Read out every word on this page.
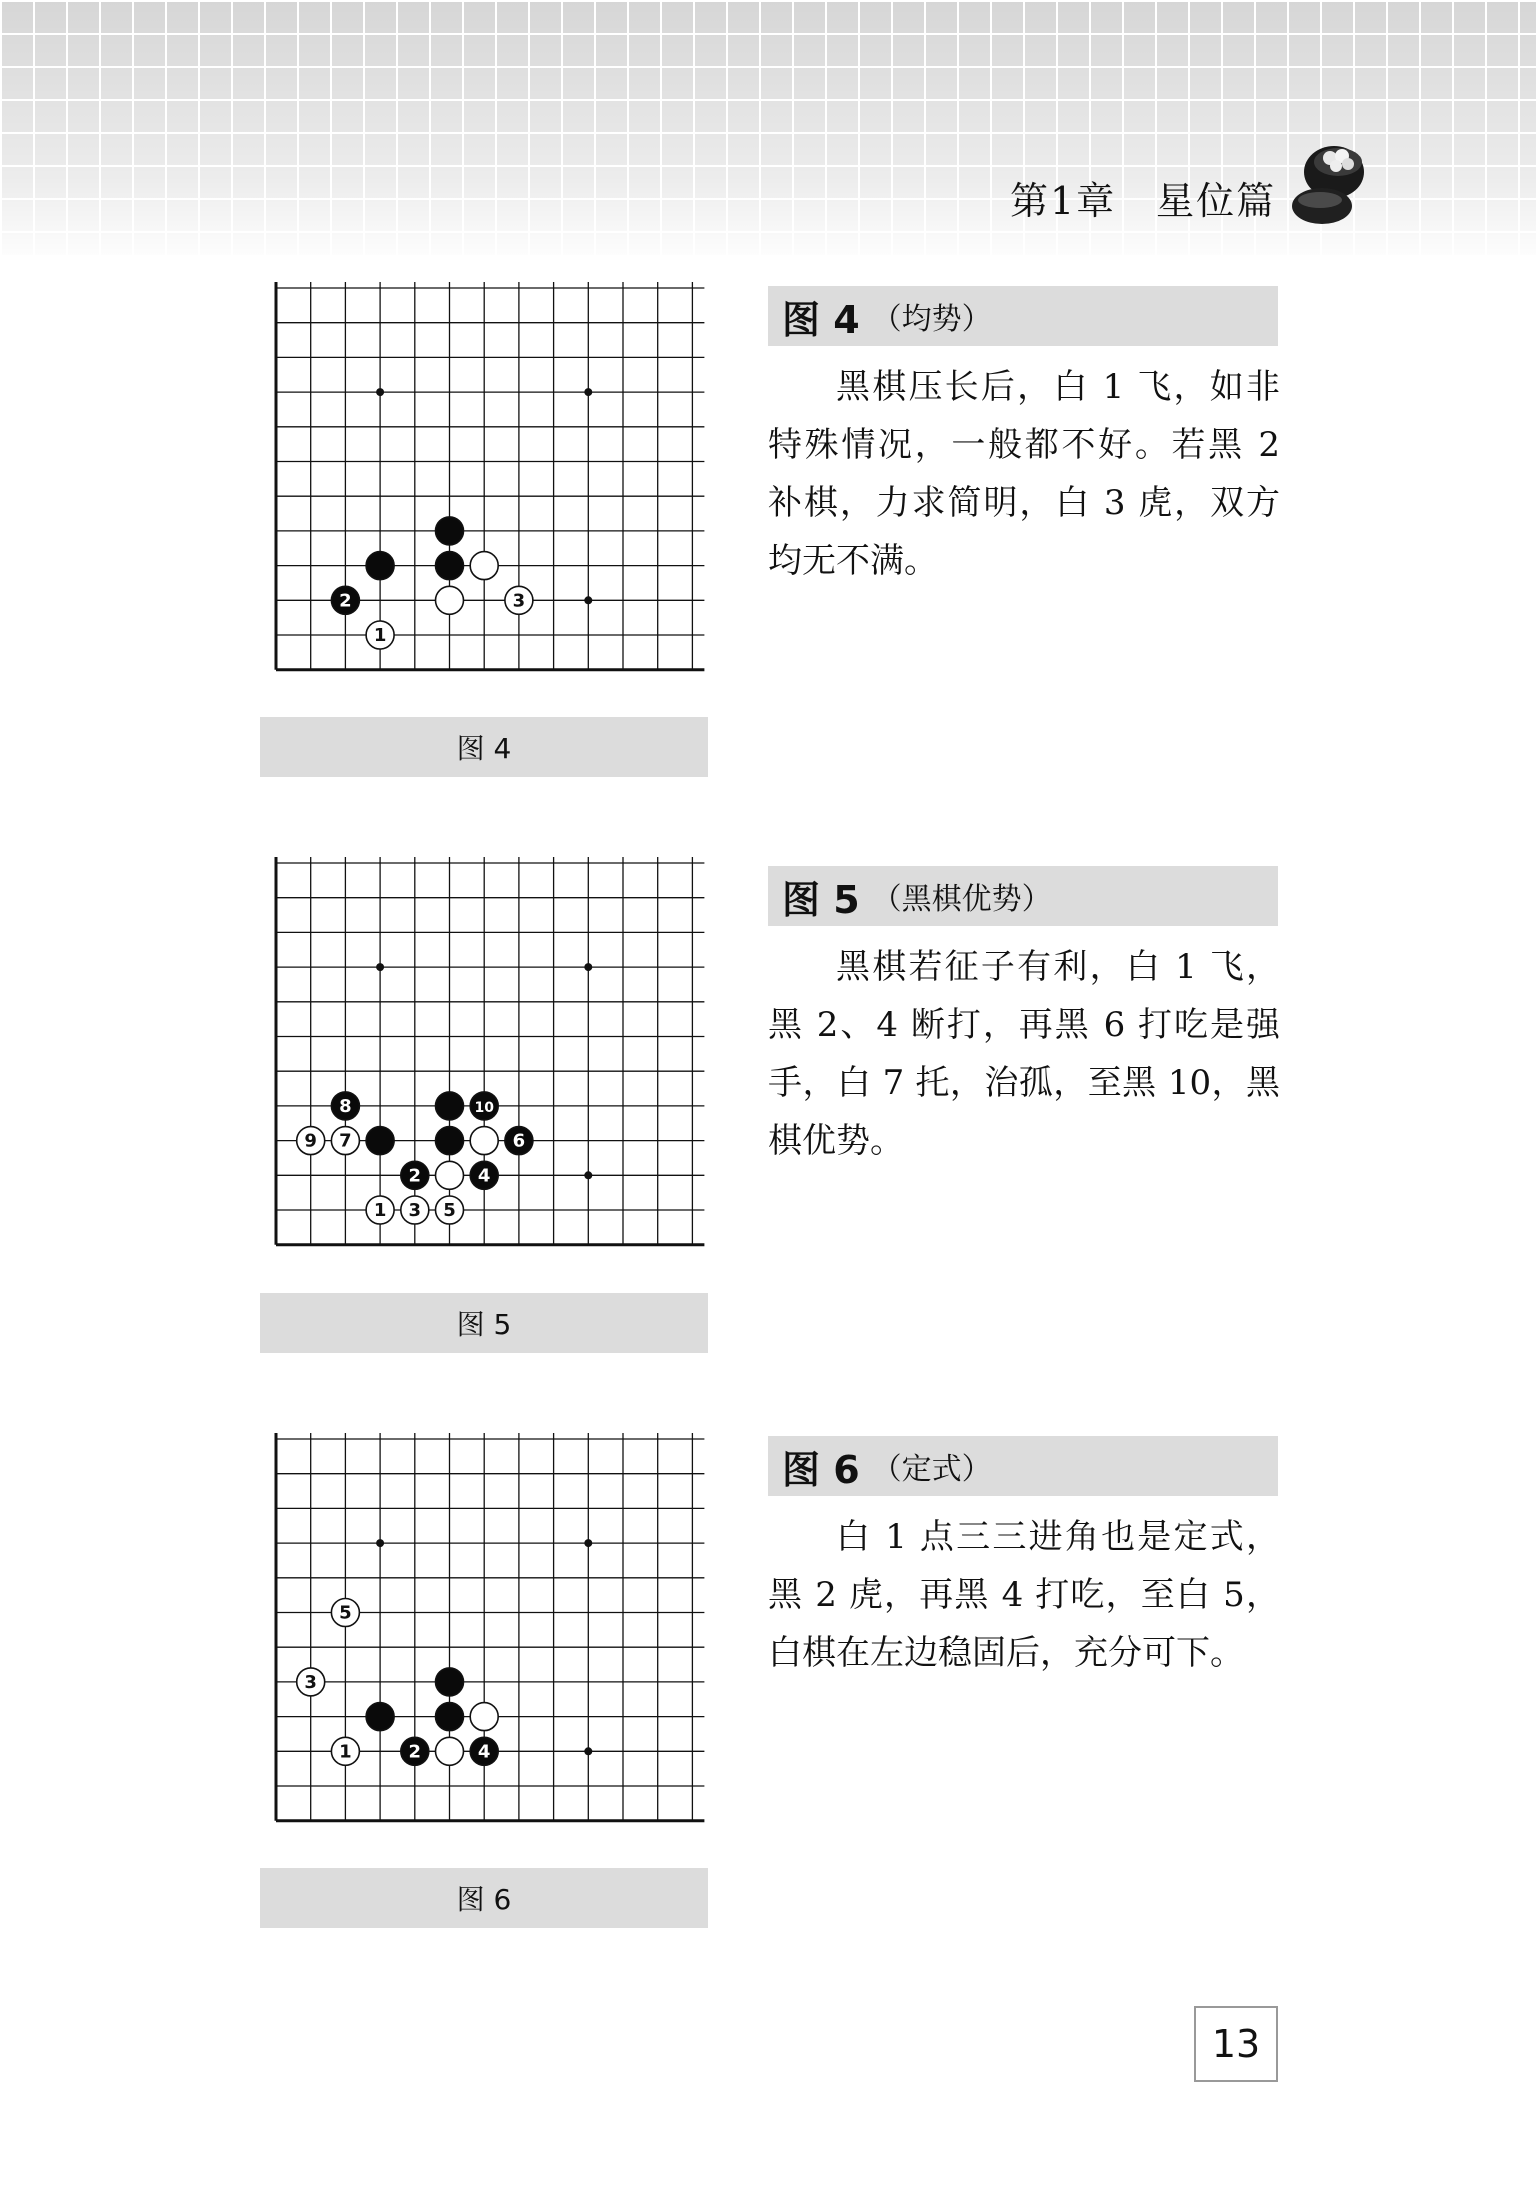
第1章　星位篇
2	3
1
图 4
图 4 （均势）

黑棋压长后，白 1 飞，如非特殊情况，一般都不好。若黑 2 补棋，力求简明，白 3 虎，双方均无不满。

8	10
9 7	6
2	4
1 3 5
图 5
图 5 （黑棋优势）

黑棋若征子有利，白 1 飞，黑 2、4 断打，再黑 6 打吃是强手，白 7 托，治孤，至黑 10，黑棋优势。

5
3
1	2	4
图 6
图 6 （定式）

白 1 点三三进角也是定式，黑 2 虎，再黑 4 打吃，至白 5，白棋在左边稳固后，充分可下。

13
